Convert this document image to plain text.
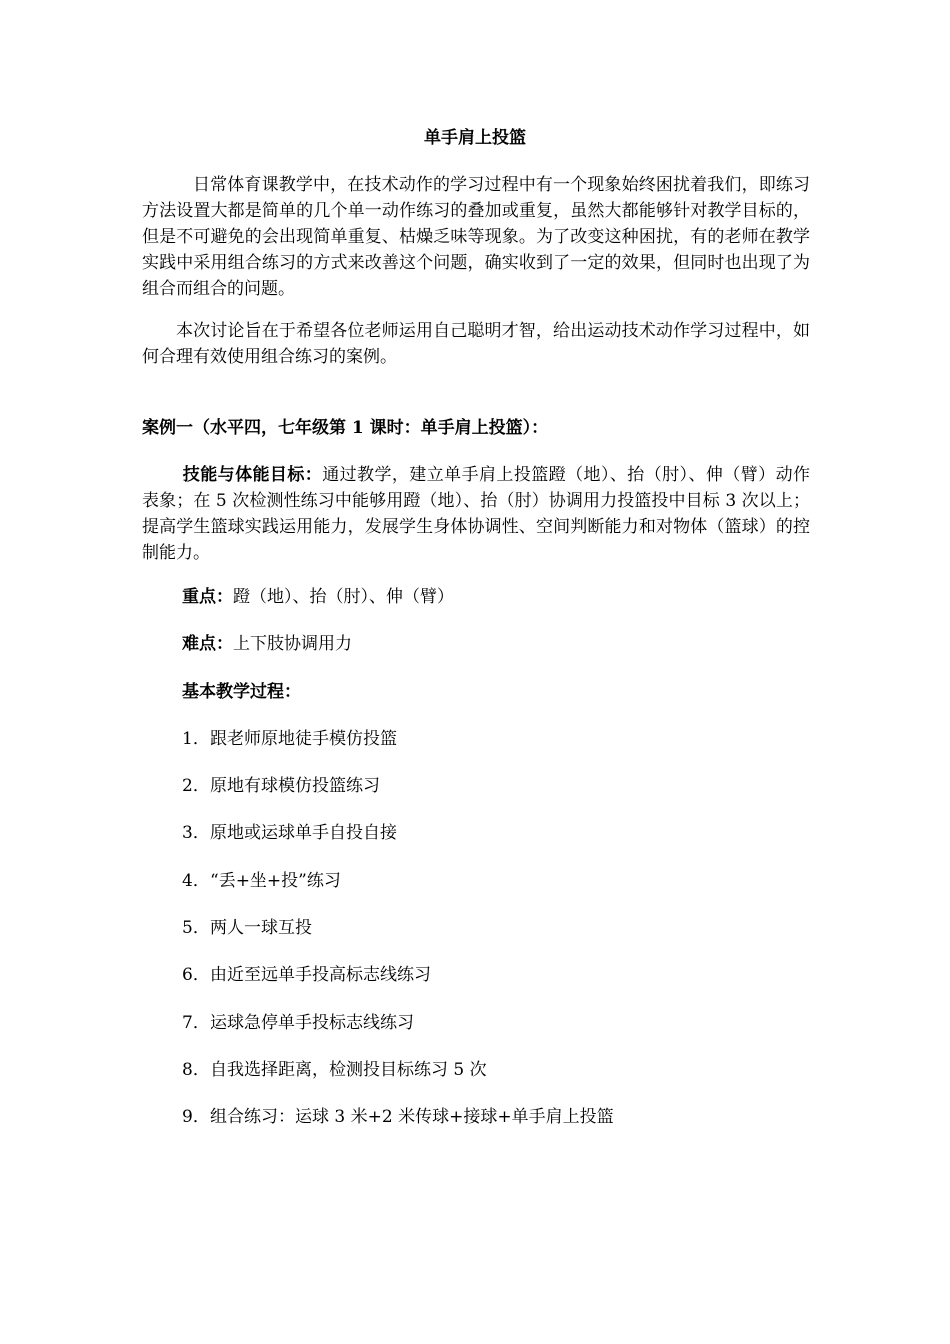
单手肩上投篮

日常体育课教学中，在技术动作的学习过程中有一个现象始终困扰着我们，即练习方法设置大都是简单的几个单一动作练习的叠加或重复，虽然大都能够针对教学目标的，但是不可避免的会出现简单重复、枯燥乏味等现象。为了改变这种困扰，有的老师在教学实践中采用组合练习的方式来改善这个问题，确实收到了一定的效果，但同时也出现了为组合而组合的问题。

本次讨论旨在于希望各位老师运用自己聪明才智，给出运动技术动作学习过程中，如何合理有效使用组合练习的案例。

案例一（水平四，七年级第 1 课时：单手肩上投篮）：

技能与体能目标：通过教学，建立单手肩上投篮蹬（地）、抬（肘）、伸（臂）动作表象；在 5 次检测性练习中能够用蹬（地）、抬（肘）协调用力投篮投中目标 3 次以上；提高学生篮球实践运用能力，发展学生身体协调性、空间判断能力和对物体（篮球）的控制能力。

重点：蹬（地）、抬（肘）、伸（臂）
难点：上下肢协调用力
基本教学过程：
1．跟老师原地徒手模仿投篮
2．原地有球模仿投篮练习
3．原地或运球单手自投自接
4．“丢+坐+投”练习
5．两人一球互投
6．由近至远单手投高标志线练习
7．运球急停单手投标志线练习
8．自我选择距离，检测投目标练习 5 次
9．组合练习：运球 3 米+2 米传球+接球+单手肩上投篮
